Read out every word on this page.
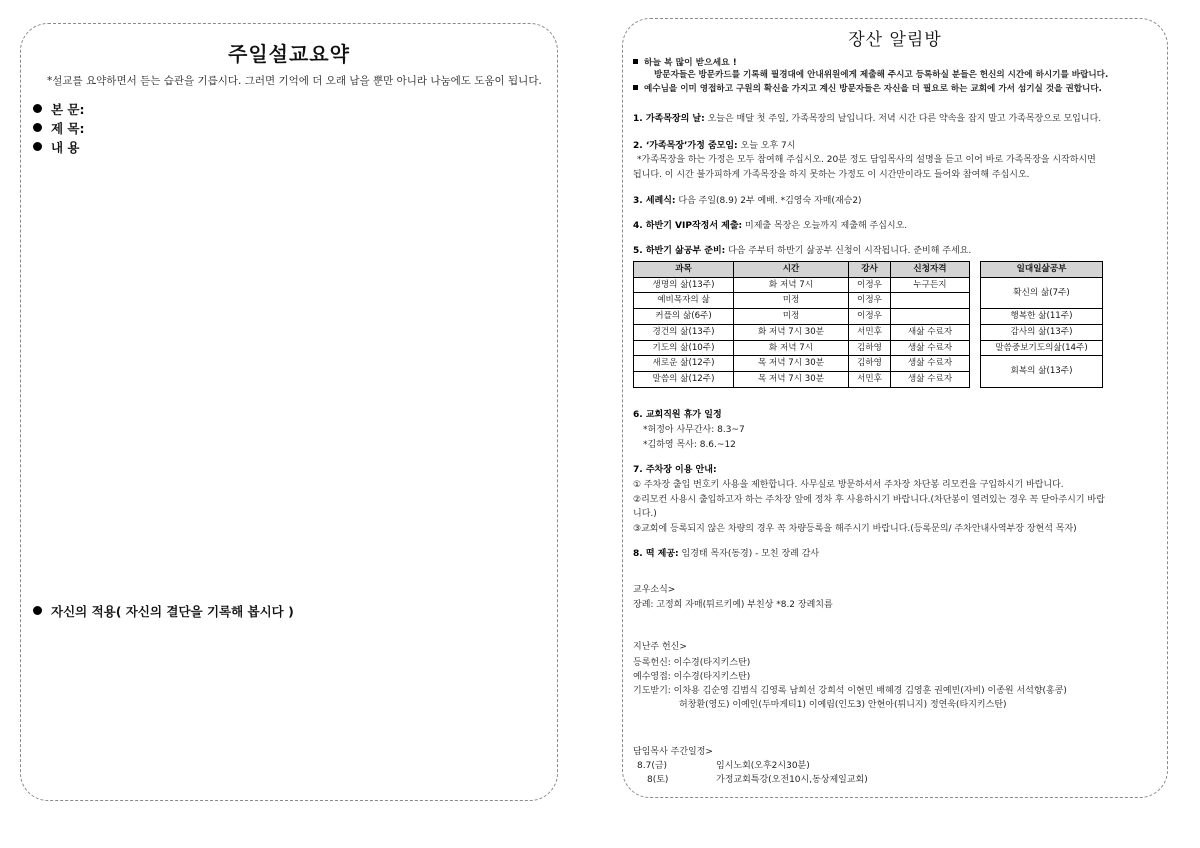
주일설교요약
*설교를 요약하면서 듣는 습관을 기릅시다. 그러면 기억에 더 오래 남을 뿐만 아니라 나눔에도 도움이 됩니다.
본 문:
제 목:
내 용
자신의 적용( 자신의 결단을 기록해 봅시다 )
장산 알림방
하늘 복 많이 받으세요 !
방문자들은 방문카드를 기록해 필경대에 안내위원에게 제출해 주시고 등록하실 분들은 헌신의 시간에 하시기를 바랍니다.
예수님을 이미 영접하고 구원의 확신을 가지고 계신 방문자들은 자신을 더 필요로 하는 교회에 가서 섬기실 것을 권합니다.
1. 가족목장의 날: 오늘은 매달 첫 주일, 가족목장의 날입니다. 저녁 시간 다른 약속을 잡지 말고 가족목장으로 모입니다.
2. ‘가족목장’가정 줌모임: 오늘 오후 7시
*가족목장을 하는 가정은 모두 참여해 주십시오. 20분 정도 담임목사의 설명을 듣고 이어 바로 가족목장을 시작하시면
됩니다. 이 시간 불가피하게 가족목장을 하지 못하는 가정도 이 시간만이라도 들어와 참여해 주십시오.
3. 세례식: 다음 주일(8.9) 2부 예배. *김영숙 자매(재승2)
4. 하반기 VIP작정서 제출: 미제출 목장은 오늘까지 제출해 주십시오.
5. 하반기 삶공부 준비: 다음 주부터 하반기 삶공부 신청이 시작됩니다. 준비해 주세요.
과목	시간	강사	신청자격		일대일삶공부
생명의 삶(13주)	화 저녁 7시	이정우	누구든지		확신의 삶(7주)
예비목자의 삶	미정	이정우			
커플의 삶(6주)	미정	이정우			행복한 삶(11주)
경건의 삶(13주)	화 저녁 7시 30분	서민후	새삶 수료자		감사의 삶(13주)
기도의 삶(10주)	화 저녁 7시	김하영	생삶 수료자		말씀중보기도의삶(14주)
새로운 삶(12주)	목 저녁 7시 30분	김하영	생삶 수료자		회복의 삶(13주)
말씀의 삶(12주)	목 저녁 7시 30분	서민후	생삶 수료자		
6. 교회직원 휴가 일정
*허정아 사무간사: 8.3~7
*김하영 목사: 8.6.~12
7. 주차장 이용 안내:
① 주차장 출입 번호키 사용을 제한합니다. 사무실로 방문하셔서 주차장 차단봉 리모컨을 구입하시기 바랍니다.
②리모컨 사용시 출입하고자 하는 주차장 앞에 정차 후 사용하시기 바랍니다.(차단봉이 열려있는 경우 꼭 닫아주시기 바랍
니다.)
③교회에 등록되지 않은 차량의 경우 꼭 차량등록을 해주시기 바랍니다.(등록문의/ 주차안내사역부장 장현석 목자)
8. 떡 제공: 임경태 목자(동경) - 모친 장례 감사
교우소식>
장례: 고정희 자매(튀르키예) 부친상 *8.2 장례치름
지난주 헌신>
등록헌신: 이수경(타지키스탄)
예수영접: 이수경(타지키스탄)
기도받기: 이차용 김순영 김범식 김영록 남희선 강희석 이현민 배혜경 김영훈 권예빈(자비) 이종원 서석향(홍콩)
허창환(영도) 이예인(두마게티1) 이예림(인도3) 안현아(튀니지) 정연욱(타지키스탄)
담임목사 주간일정>
8.7(금)	임시노회(오후2시30분)
8(토)	가정교회특강(오전10시,동상제일교회)
